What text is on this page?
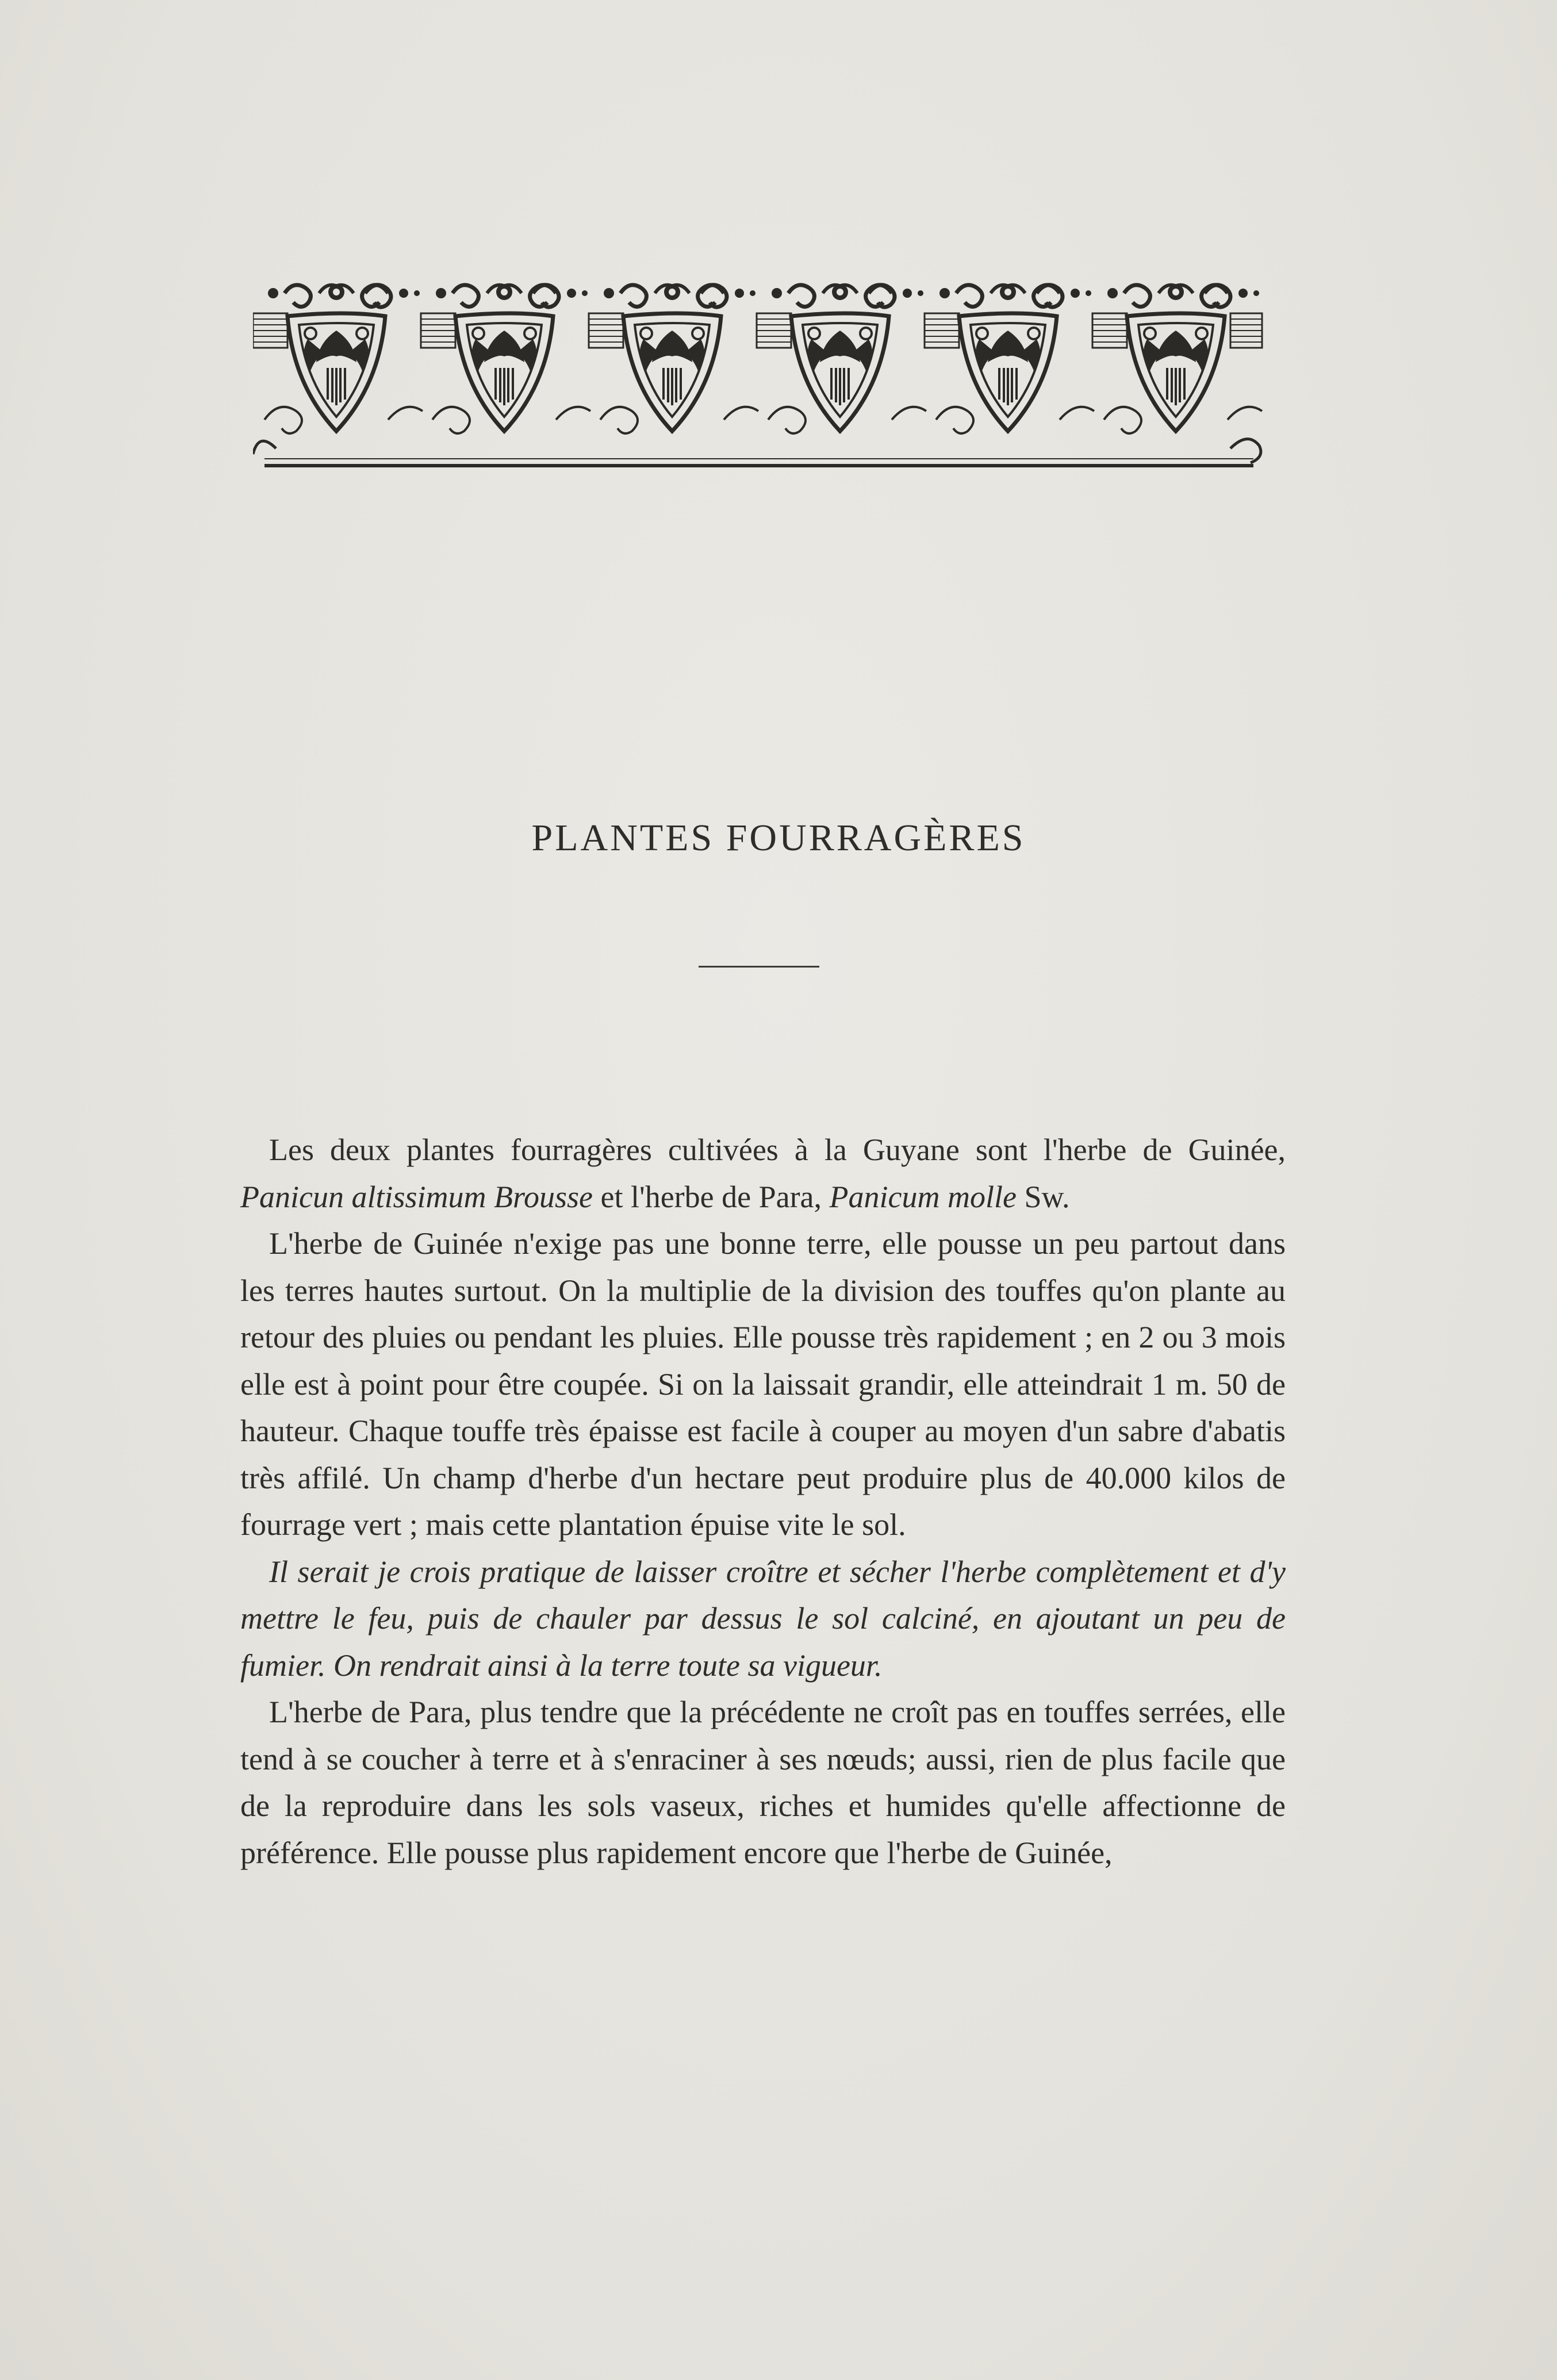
PLANTES FOURRAGÈRES

Les deux plantes fourragères cultivées à la Guyane sont l'herbe de Guinée, Panicun altissimum Brousse et l'herbe de Para, Panicum molle Sw.

L'herbe de Guinée n'exige pas une bonne terre, elle pousse un peu partout dans les terres hautes surtout. On la multiplie de la division des touffes qu'on plante au retour des pluies ou pendant les pluies. Elle pousse très rapidement ; en 2 ou 3 mois elle est à point pour être coupée. Si on la laissait grandir, elle atteindrait 1 m. 50 de hauteur. Chaque touffe très épaisse est facile à couper au moyen d'un sabre d'abatis très affilé. Un champ d'herbe d'un hectare peut produire plus de 40.000 kilos de fourrage vert ; mais cette plantation épuise vite le sol.

Il serait je crois pratique de laisser croître et sécher l'herbe complètement et d'y mettre le feu, puis de chauler par dessus le sol calciné, en ajoutant un peu de fumier. On rendrait ainsi à la terre toute sa vigueur.

L'herbe de Para, plus tendre que la précédente ne croît pas en touffes serrées, elle tend à se coucher à terre et à s'enraciner à ses nœuds; aussi, rien de plus facile que de la reproduire dans les sols vaseux, riches et humides qu'elle affectionne de préférence. Elle pousse plus rapidement encore que l'herbe de Guinée,
